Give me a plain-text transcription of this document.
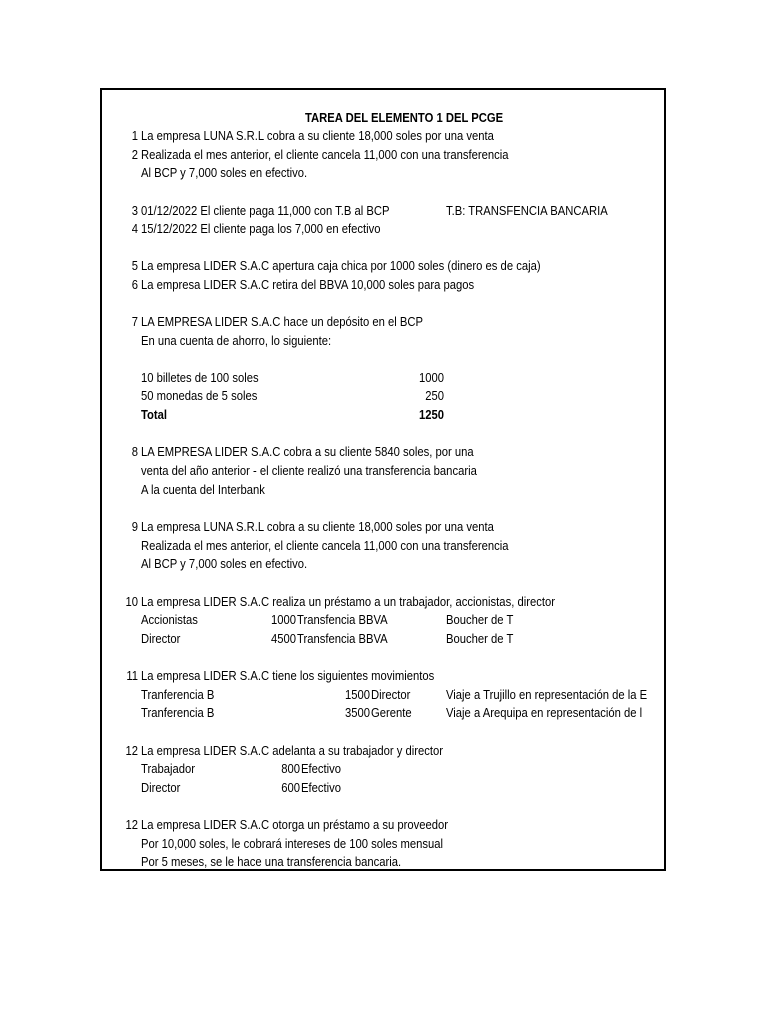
TAREA DEL ELEMENTO 1 DEL PCGE
1 La empresa LUNA S.R.L cobra a su cliente 18,000 soles por una venta
2 Realizada el mes anterior, el cliente cancela 11,000 con una transferencia
Al BCP y 7,000 soles en efectivo.
3 01/12/2022 El cliente paga 11,000 con T.B al BCP	T.B: TRANSFENCIA BANCARIA
4 15/12/2022 El cliente paga los 7,000 en efectivo
5 La empresa LIDER S.A.C apertura caja chica por 1000 soles (dinero es de caja)
6 La empresa LIDER S.A.C retira del BBVA 10,000 soles para pagos
7 LA EMPRESA LIDER S.A.C hace un depósito en el BCP
En una cuenta de ahorro, lo siguiente:
10 billetes de 100 soles	1000
50 monedas de 5 soles	250
Total	1250
8 LA EMPRESA LIDER S.A.C cobra a su cliente 5840 soles, por una
venta del año anterior - el cliente realizó una transferencia bancaria
A la cuenta del Interbank
9 La empresa LUNA S.R.L cobra a su cliente 18,000 soles por una venta
Realizada el mes anterior, el cliente cancela 11,000 con una transferencia
Al BCP y 7,000 soles en efectivo.
10 La empresa LIDER S.A.C realiza un préstamo a un trabajador, accionistas, director
Accionistas	1000 Transfencia BBVA	Boucher de T
Director	4500 Transfencia BBVA	Boucher de T
11 La empresa LIDER S.A.C tiene los siguientes movimientos
Tranferencia B	1500 Director	Viaje a Trujillo en representación de la E
Tranferencia B	3500 Gerente	Viaje a Arequipa en representación de l
12 La empresa LIDER S.A.C adelanta a su trabajador y director
Trabajador	800 Efectivo
Director	600 Efectivo
12 La empresa LIDER S.A.C otorga un préstamo a su proveedor
Por 10,000 soles, le cobrará intereses de 100 soles mensual
Por 5 meses, se le hace una transferencia bancaria.
